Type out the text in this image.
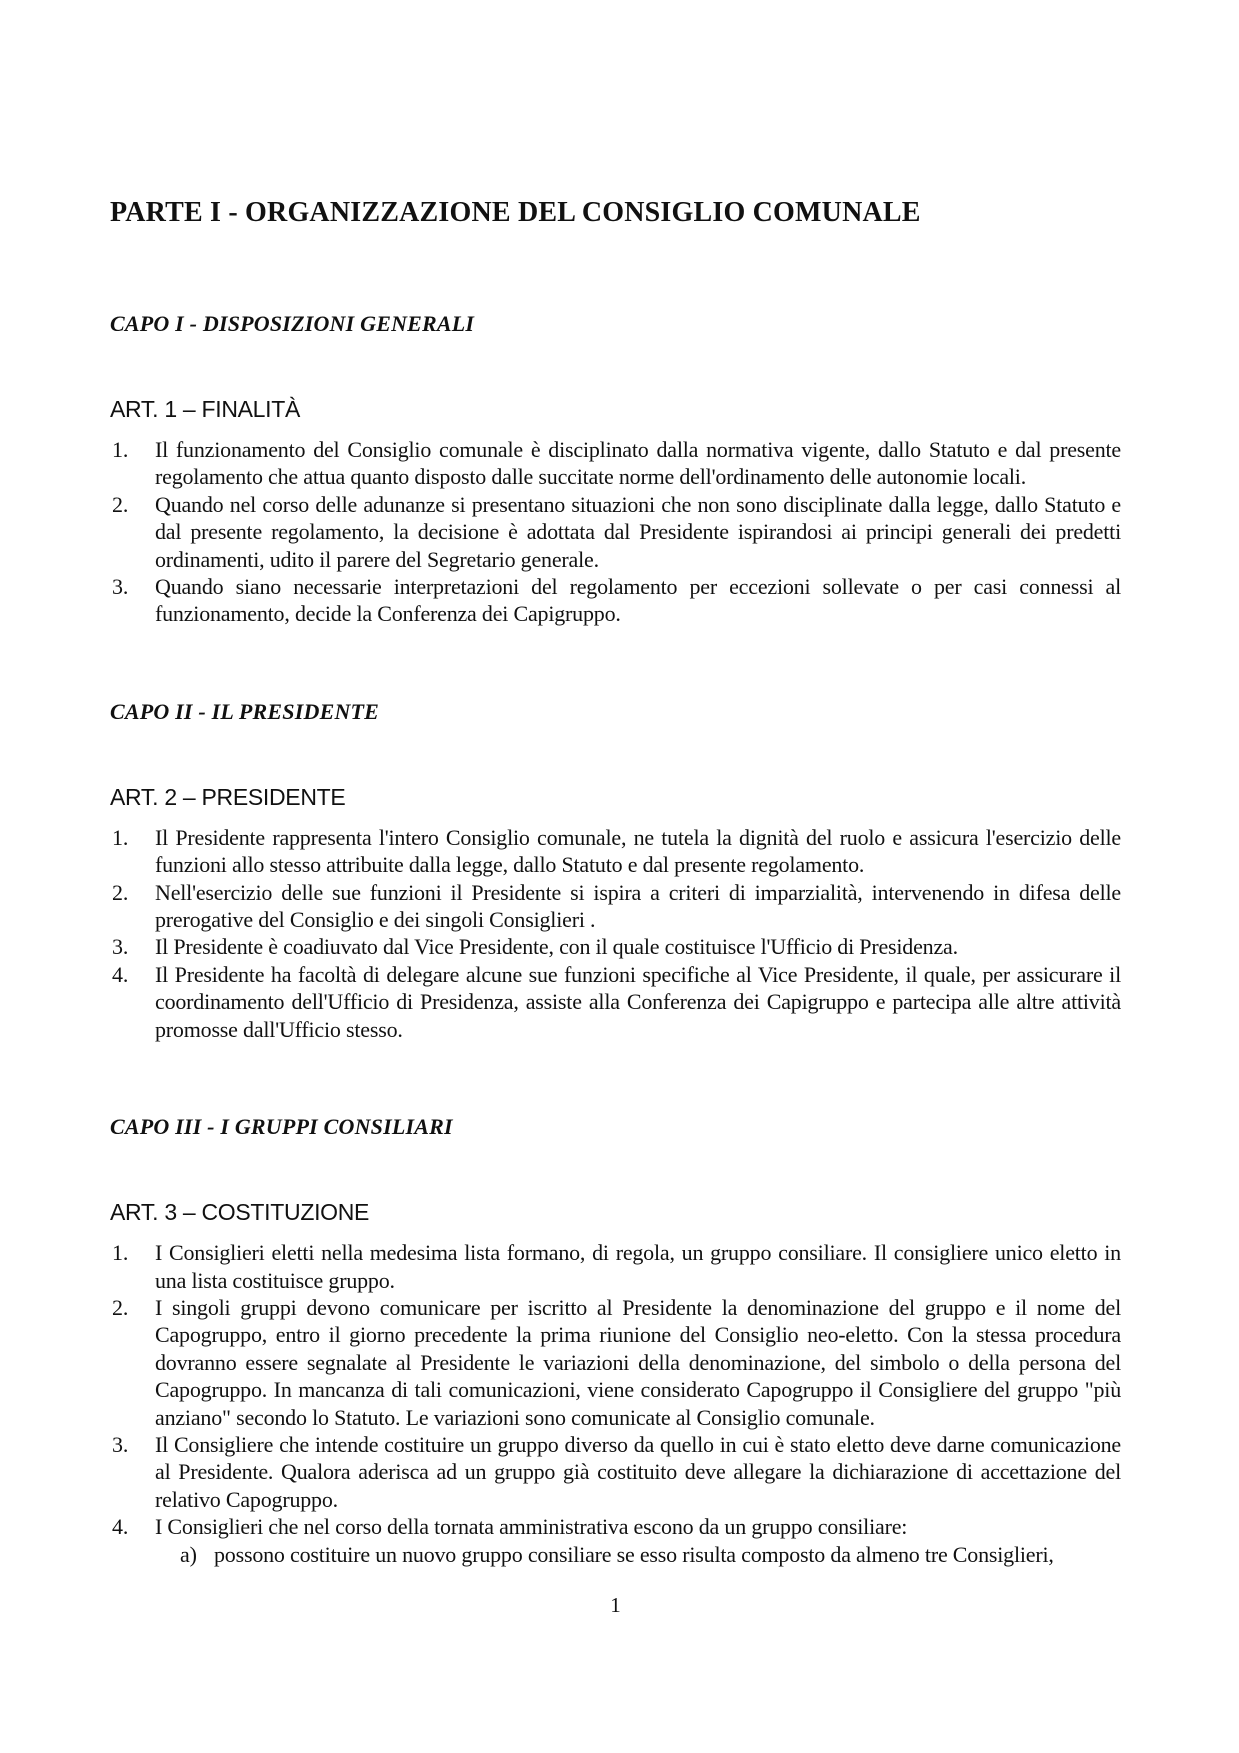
PARTE I - ORGANIZZAZIONE DEL CONSIGLIO COMUNALE
CAPO I - DISPOSIZIONI GENERALI
ART. 1 – FINALITÀ
Il funzionamento del Consiglio comunale è disciplinato dalla normativa vigente, dallo Statuto e dal presente regolamento che attua quanto disposto dalle succitate norme dell'ordinamento delle autonomie locali.
Quando nel corso delle adunanze si presentano situazioni che non sono disciplinate dalla legge, dallo Statuto e dal presente regolamento, la decisione è adottata dal Presidente ispirandosi ai principi generali dei predetti ordinamenti, udito il parere del Segretario generale.
Quando siano necessarie interpretazioni del regolamento per eccezioni sollevate o per casi connessi al funzionamento, decide la Conferenza dei Capigruppo.
CAPO II - IL PRESIDENTE
ART. 2 – PRESIDENTE
Il Presidente rappresenta l'intero Consiglio comunale, ne tutela la dignità del ruolo e assicura l'esercizio delle funzioni allo stesso attribuite dalla legge, dallo Statuto e dal presente regolamento.
Nell'esercizio delle sue funzioni il Presidente si ispira a criteri di imparzialità, intervenendo in difesa delle prerogative del Consiglio e dei singoli Consiglieri .
Il Presidente è coadiuvato dal Vice Presidente, con il quale costituisce l'Ufficio di Presidenza.
Il Presidente ha facoltà di delegare alcune sue funzioni specifiche al Vice Presidente, il quale, per assicurare il coordinamento dell'Ufficio di Presidenza, assiste alla Conferenza dei Capigruppo e partecipa alle altre attività promosse dall'Ufficio stesso.
CAPO III - I GRUPPI CONSILIARI
ART. 3 – COSTITUZIONE
I Consiglieri eletti nella medesima lista formano, di regola, un gruppo consiliare. Il consigliere unico eletto in una lista costituisce gruppo.
I singoli gruppi devono comunicare per iscritto al Presidente la denominazione del gruppo e il nome del Capogruppo, entro il giorno precedente la prima riunione del Consiglio neo-eletto. Con la stessa procedura dovranno essere segnalate al Presidente le variazioni della denominazione, del simbolo o della persona del Capogruppo. In mancanza di tali comunicazioni, viene considerato Capogruppo il Consigliere del gruppo "più anziano" secondo lo Statuto. Le variazioni sono comunicate al Consiglio comunale.
Il Consigliere che intende costituire un gruppo diverso da quello in cui è stato eletto deve darne comunicazione al Presidente. Qualora aderisca ad un gruppo già costituito deve allegare la dichiarazione di accettazione del relativo Capogruppo.
I Consiglieri che nel corso della tornata amministrativa escono da un gruppo consiliare:
a) possono costituire un nuovo gruppo consiliare se esso risulta composto da almeno tre Consiglieri,
1
